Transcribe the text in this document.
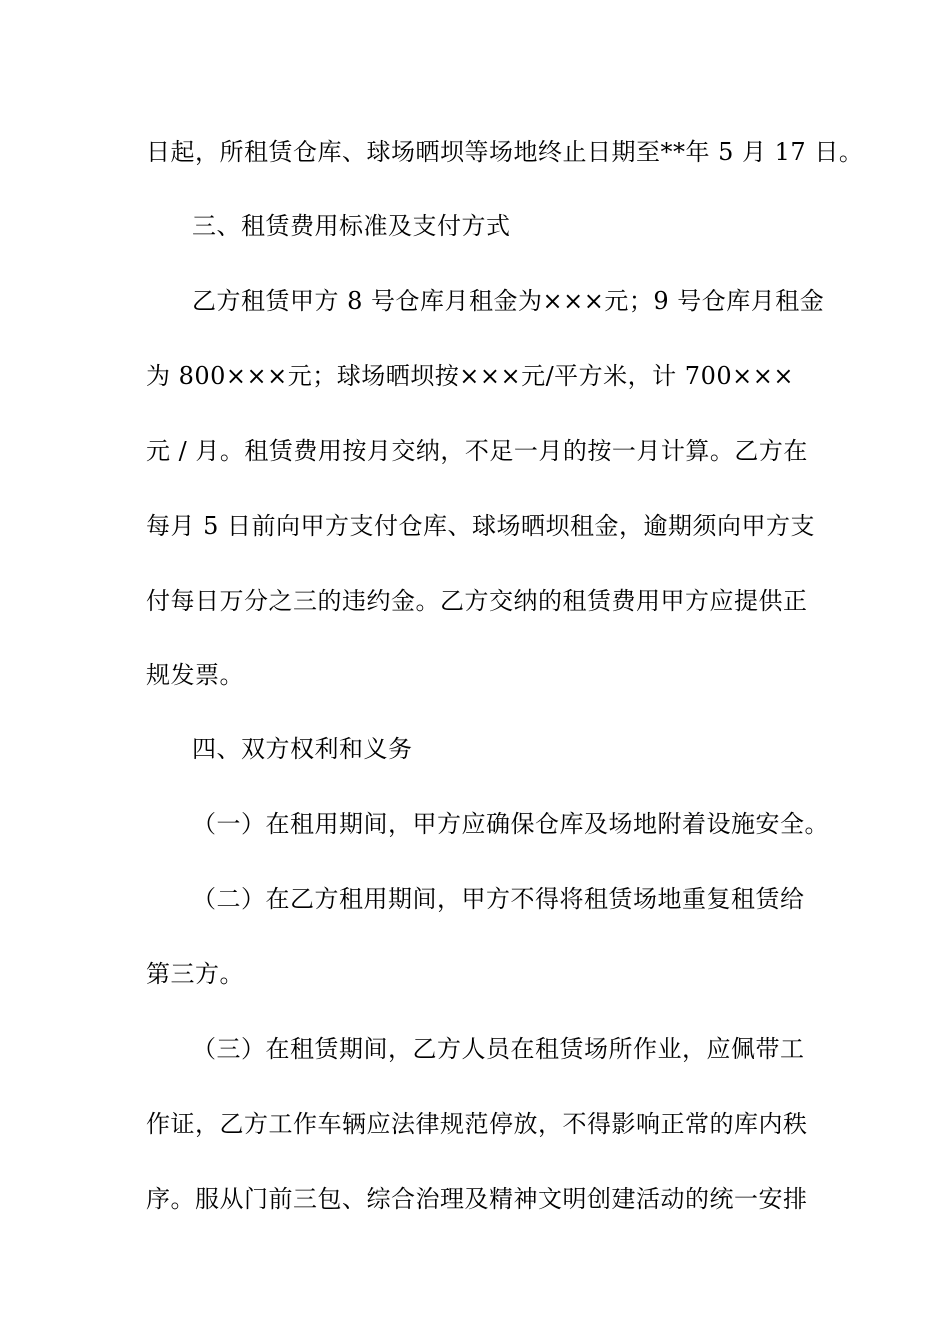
日起，所租赁仓库、球场晒坝等场地终止日期至**年 5 月 17 日。
三、租赁费用标准及支付方式
乙方租赁甲方 8 号仓库月租金为×××元；9 号仓库月租金
为 800×××元；球场晒坝按×××元/平方米，计 700×××
元 / 月。租赁费用按月交纳，不足一月的按一月计算。乙方在
每月 5 日前向甲方支付仓库、球场晒坝租金，逾期须向甲方支
付每日万分之三的违约金。乙方交纳的租赁费用甲方应提供正
规发票。
四、双方权利和义务
（一）在租用期间，甲方应确保仓库及场地附着设施安全。
（二）在乙方租用期间，甲方不得将租赁场地重复租赁给
第三方。
（三）在租赁期间，乙方人员在租赁场所作业，应佩带工
作证，乙方工作车辆应法律规范停放，不得影响正常的库内秩
序。服从门前三包、综合治理及精神文明创建活动的统一安排
